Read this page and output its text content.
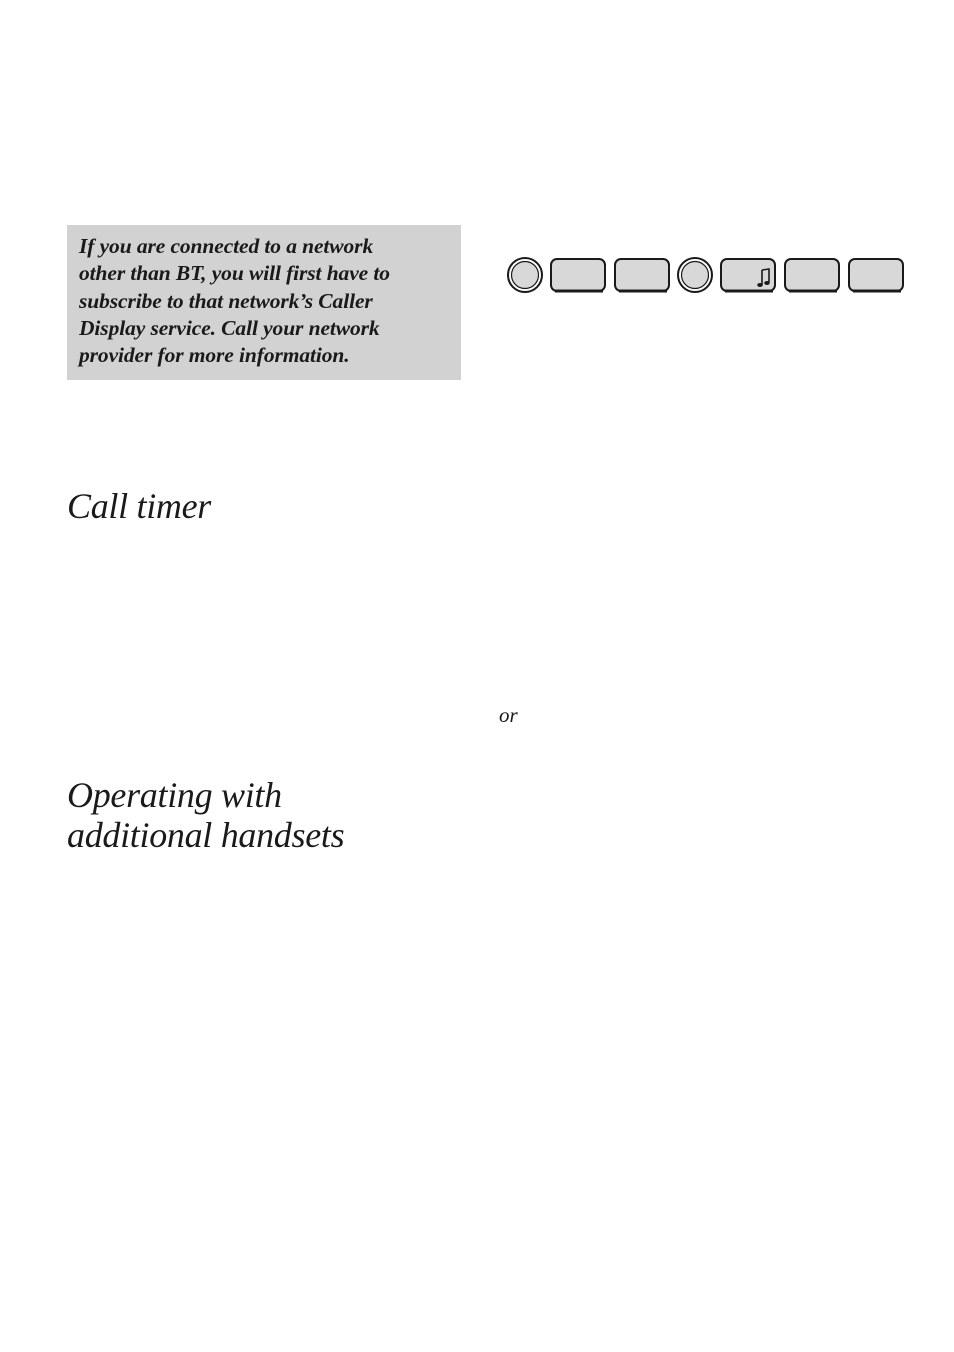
If you are connected to a network
other than BT, you will first have to
subscribe to that network’s Caller
Display service. Call your network
provider for more information.
Call timer
or
Operating with
additional handsets
